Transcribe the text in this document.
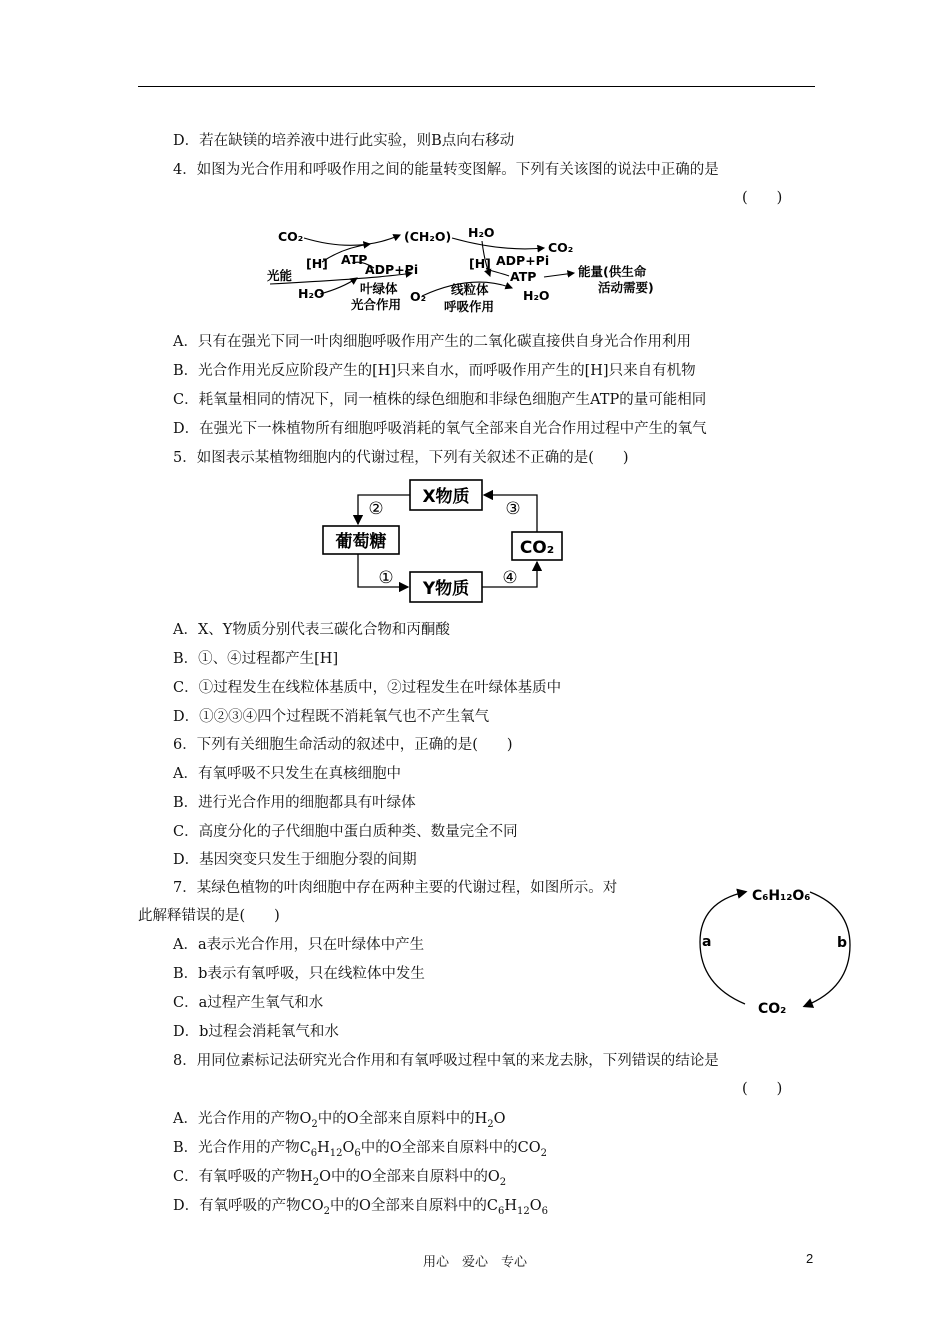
D．若在缺镁的培养液中进行此实验，则B点向右移动
4．如图为光合作用和呼吸作用之间的能量转变图解。下列有关该图的说法中正确的是
(　　)
CO₂	(CH₂O) H₂O
CO₂
[H] ATP
ADP+Pi	[H] ADP+Pi
ATP
光能
H₂O	叶绿体
光合作用
O₂ 线粒体
呼吸作用
H₂O
能量(供生命
活动需要)
A．只有在强光下同一叶肉细胞呼吸作用产生的二氧化碳直接供自身光合作用利用
B．光合作用光反应阶段产生的[H]只来自水，而呼吸作用产生的[H]只来自有机物
C．耗氧量相同的情况下，同一植株的绿色细胞和非绿色细胞产生ATP的量可能相同
D．在强光下一株植物所有细胞呼吸消耗的氧气全部来自光合作用过程中产生的氧气
5．如图表示某植物细胞内的代谢过程，下列有关叙述不正确的是(　　)
X物质
葡萄糖
Y物质
CO₂
②	③
①	④
A．X、Y物质分别代表三碳化合物和丙酮酸
B．①、④过程都产生[H]
C．①过程发生在线粒体基质中，②过程发生在叶绿体基质中
D．①②③④四个过程既不消耗氧气也不产生氧气
6．下列有关细胞生命活动的叙述中，正确的是(　　)
A．有氧呼吸不只发生在真核细胞中
B．进行光合作用的细胞都具有叶绿体
C．高度分化的子代细胞中蛋白质种类、数量完全不同
D．基因突变只发生于细胞分裂的间期
7．某绿色植物的叶肉细胞中存在两种主要的代谢过程，如图所示。对
此解释错误的是(　　)
A．a表示光合作用，只在叶绿体中产生
B．b表示有氧呼吸，只在线粒体中发生
C．a过程产生氧气和水
D．b过程会消耗氧气和水
C₆H₁₂O₆
CO₂
a	b
8．用同位素标记法研究光合作用和有氧呼吸过程中氧的来龙去脉，下列错误的结论是
(　　)
A．光合作用的产物$O_2$中的O全部来自原料中的$H_2O$
B．光合作用的产物$C_6H_{12}O_6$中的O全部来自原料中的$CO_2$
C．有氧呼吸的产物$H_2O$中的O全部来自原料中的$O_2$
D．有氧呼吸的产物$CO_2$中的O全部来自原料中的$C_6H_{12}O_6$
用心　爱心　专心	2
